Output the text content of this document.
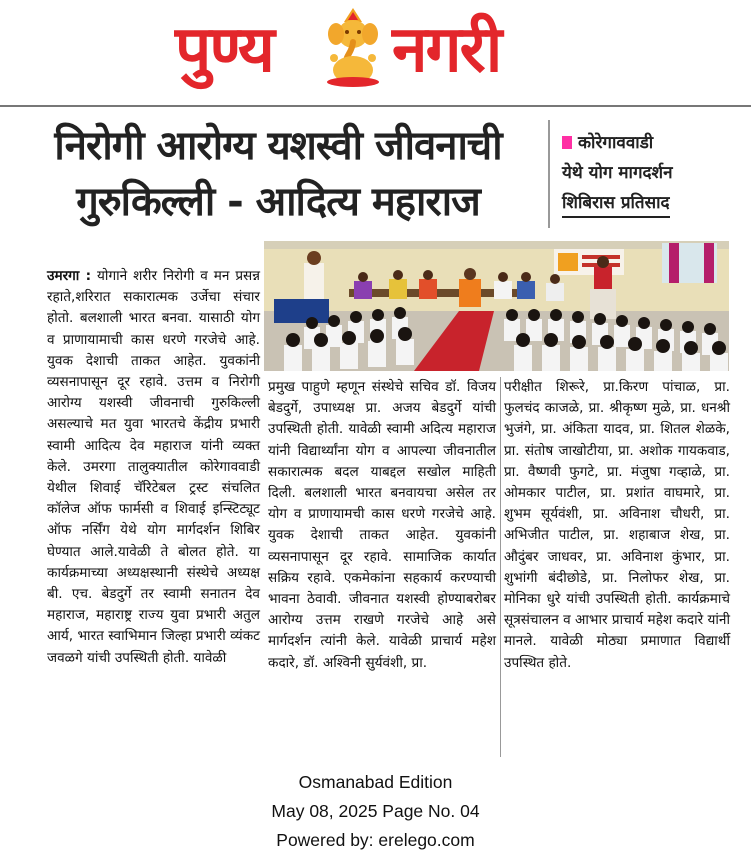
पुण्य नगरी
निरोगी आरोग्य यशस्वी जीवनाची
गुरुकिल्ली - आदित्य महाराज
कोरेगाववाडी
येथे योग मागदर्शन
शिबिरास प्रतिसाद
उमरगा : योगाने शरीर निरोगी व मन प्रसन्न रहाते,शरिरात सकारात्मक उर्जेचा संचार होतो. बलशाली भारत बनवा. यासाठी योग व प्राणायामाची कास धरणे गरजेचे आहे. युवक देशाची ताकत आहेत. युवकांनी व्यसनापासून दूर रहावे. उत्तम व निरोगी आरोग्य यशस्वी जीवनाची गुरुकिल्ली असल्याचे मत युवा भारतचे केंद्रीय प्रभारी स्वामी आदित्य देव महाराज यांनी व्यक्त केले. उमरगा तालुक्यातील कोरेगाववाडी येथील शिवाई चॅरिटेबल ट्रस्ट संचलित कॉलेज ऑफ फार्मसी व शिवाई इन्स्टिट्यूट ऑफ नर्सिंग येथे योग मार्गदर्शन शिबिर घेण्यात आले.यावेळी ते बोलत होते. या कार्यक्रमाच्या अध्यक्षस्थानी संस्थेचे अध्यक्ष बी. एच. बेडदुर्गे तर स्वामी सनातन देव महाराज, महाराष्ट्र राज्य युवा प्रभारी अतुल आर्य, भारत स्वाभिमान जिल्हा प्रभारी व्यंकट जवळगे यांची उपस्थिती होती. यावेळी
प्रमुख पाहुणे म्हणून संस्थेचे सचिव डॉ. विजय बेडदुर्गे, उपाध्यक्ष प्रा. अजय बेडदुर्गे यांची उपस्थिती होती. यावेळी स्वामी अदित्य महाराज यांनी विद्यार्थ्यांना योग व आपल्या जीवनातील सकारात्मक बदल याबद्दल सखोल माहिती दिली. बलशाली भारत बनवायचा असेल तर योग व प्राणायामची कास धरणे गरजेचे आहे. युवक देशाची ताकत आहेत. युवकांनी व्यसनापासून दूर रहावे. सामाजिक कार्यात सक्रिय रहावे. एकमेकांना सहकार्य करण्याची भावना ठेवावी. जीवनात यशस्वी होण्याबरोबर आरोग्य उत्तम राखणे गरजेचे आहे असे मार्गदर्शन त्यांनी केले. यावेळी प्राचार्य महेश कदारे, डॉ. अश्विनी सुर्यवंशी, प्रा.
परीक्षीत शिरूरे, प्रा.किरण पांचाळ, प्रा. फुलचंद काजळे, प्रा. श्रीकृष्ण मुळे, प्रा. धनश्री भुजंगे, प्रा. अंकिता यादव, प्रा. शितल शेळके, प्रा. संतोष जाखोटीया, प्रा. अशोक गायकवाड, प्रा. वैष्णवी फुगटे, प्रा. मंजुषा गव्हाळे, प्रा. ओमकार पाटील, प्रा. प्रशांत वाघमारे, प्रा. शुभम सूर्यवंशी, प्रा. अविनाश चौधरी, प्रा. अभिजीत पाटील, प्रा. शहाबाज शेख, प्रा. औदुंबर जाधवर, प्रा. अविनाश कुंभार, प्रा. शुभांगी बंदीछोडे, प्रा. निलोफर शेख, प्रा. मोनिका धुरे यांची उपस्थिती होती. कार्यक्रमाचे सूत्रसंचालन व आभार प्राचार्य महेश कदारे यांनी मानले. यावेळी मोठ्या प्रमाणात विद्यार्थी उपस्थित होते.
Osmanabad Edition
May 08, 2025 Page No. 04
Powered by: erelego.com
